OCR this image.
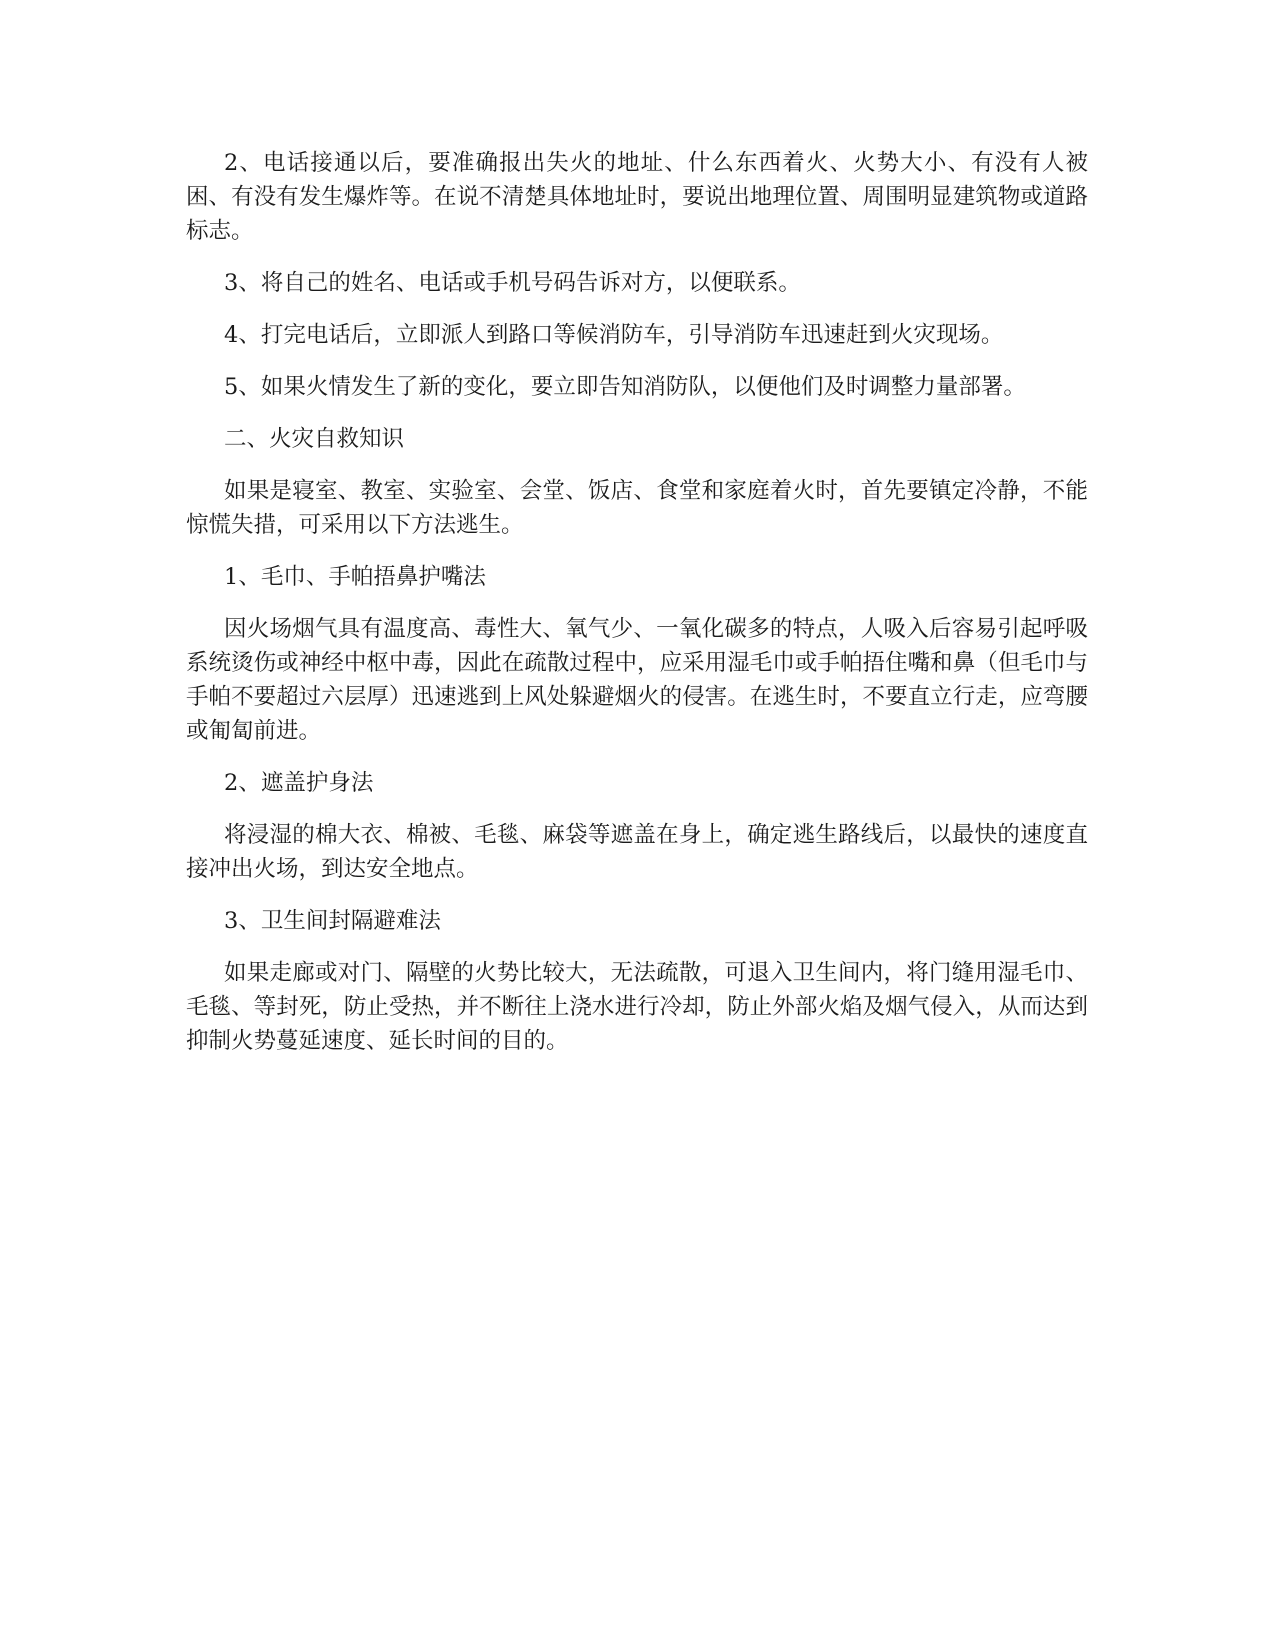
2、电话接通以后，要准确报出失火的地址、什么东西着火、火势大小、有没有人被困、有没有发生爆炸等。在说不清楚具体地址时，要说出地理位置、周围明显建筑物或道路标志。

3、将自己的姓名、电话或手机号码告诉对方，以便联系。

4、打完电话后，立即派人到路口等候消防车，引导消防车迅速赶到火灾现场。

5、如果火情发生了新的变化，要立即告知消防队，以便他们及时调整力量部署。

二、火灾自救知识

如果是寝室、教室、实验室、会堂、饭店、食堂和家庭着火时，首先要镇定冷静，不能惊慌失措，可采用以下方法逃生。

1、毛巾、手帕捂鼻护嘴法

因火场烟气具有温度高、毒性大、氧气少、一氧化碳多的特点，人吸入后容易引起呼吸系统烫伤或神经中枢中毒，因此在疏散过程中，应采用湿毛巾或手帕捂住嘴和鼻（但毛巾与手帕不要超过六层厚）迅速逃到上风处躲避烟火的侵害。在逃生时，不要直立行走，应弯腰或匍匐前进。

2、遮盖护身法

将浸湿的棉大衣、棉被、毛毯、麻袋等遮盖在身上，确定逃生路线后，以最快的速度直接冲出火场，到达安全地点。

3、卫生间封隔避难法

如果走廊或对门、隔壁的火势比较大，无法疏散，可退入卫生间内，将门缝用湿毛巾、毛毯、等封死，防止受热，并不断往上浇水进行冷却，防止外部火焰及烟气侵入，从而达到抑制火势蔓延速度、延长时间的目的。
